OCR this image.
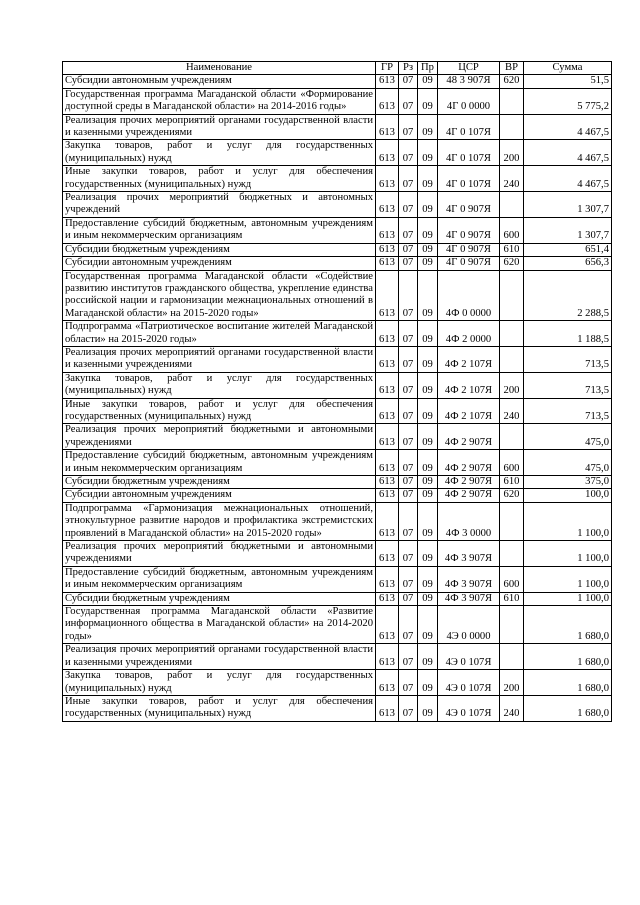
Наименование	ГР	Рз	Пр	ЦСР	ВР	Сумма
Субсидии автономным учреждениям	613	07	09	48 3 907Я	620	51,5
Государственная программа Магаданской области «Формирование доступной среды в Магаданской области» на 2014-2016 годы»	613	07	09	4Г 0 0000		5 775,2
Реализация прочих мероприятий органами государственной власти и казенными учреждениями	613	07	09	4Г 0 107Я		4 467,5
Закупка товаров, работ и услуг для государственных (муниципальных) нужд	613	07	09	4Г 0 107Я	200	4 467,5
Иные закупки товаров, работ и услуг для обеспечения государственных (муниципальных) нужд	613	07	09	4Г 0 107Я	240	4 467,5
Реализация прочих мероприятий бюджетных и автономных учреждений	613	07	09	4Г 0 907Я		1 307,7
Предоставление субсидий бюджетным, автономным учреждениям и иным некоммерческим организациям	613	07	09	4Г 0 907Я	600	1 307,7
Субсидии бюджетным учреждениям	613	07	09	4Г 0 907Я	610	651,4
Субсидии автономным учреждениям	613	07	09	4Г 0 907Я	620	656,3
Государственная программа Магаданской области «Содействие развитию институтов гражданского общества, укрепление единства российской нации и гармонизации межнациональных отношений в Магаданской области» на 2015-2020 годы»	613	07	09	4Ф 0 0000		2 288,5
Подпрограмма «Патриотическое воспитание жителей Магаданской области» на 2015-2020 годы»	613	07	09	4Ф 2 0000		1 188,5
Реализация прочих мероприятий органами государственной власти и казенными учреждениями	613	07	09	4Ф 2 107Я		713,5
Закупка товаров, работ и услуг для государственных (муниципальных) нужд	613	07	09	4Ф 2 107Я	200	713,5
Иные закупки товаров, работ и услуг для обеспечения государственных (муниципальных) нужд	613	07	09	4Ф 2 107Я	240	713,5
Реализация прочих мероприятий бюджетными и автономными учреждениями	613	07	09	4Ф 2 907Я		475,0
Предоставление субсидий бюджетным, автономным учреждениям и иным некоммерческим организациям	613	07	09	4Ф 2 907Я	600	475,0
Субсидии бюджетным учреждениям	613	07	09	4Ф 2 907Я	610	375,0
Субсидии автономным учреждениям	613	07	09	4Ф 2 907Я	620	100,0
Подпрограмма «Гармонизация межнациональных отношений, этнокультурное развитие народов и профилактика экстремистских проявлений в Магаданской области» на 2015-2020 годы»	613	07	09	4Ф 3 0000		1 100,0
Реализация прочих мероприятий бюджетными и автономными учреждениями	613	07	09	4Ф 3 907Я		1 100,0
Предоставление субсидий бюджетным, автономным учреждениям и иным некоммерческим организациям	613	07	09	4Ф 3 907Я	600	1 100,0
Субсидии бюджетным учреждениям	613	07	09	4Ф 3 907Я	610	1 100,0
Государственная программа Магаданской области «Развитие информационного общества в Магаданской области» на 2014-2020 годы»	613	07	09	4Э 0 0000		1 680,0
Реализация прочих мероприятий органами государственной власти и казенными учреждениями	613	07	09	4Э 0 107Я		1 680,0
Закупка товаров, работ и услуг для государственных (муниципальных) нужд	613	07	09	4Э 0 107Я	200	1 680,0
Иные закупки товаров, работ и услуг для обеспечения государственных (муниципальных) нужд	613	07	09	4Э 0 107Я	240	1 680,0
